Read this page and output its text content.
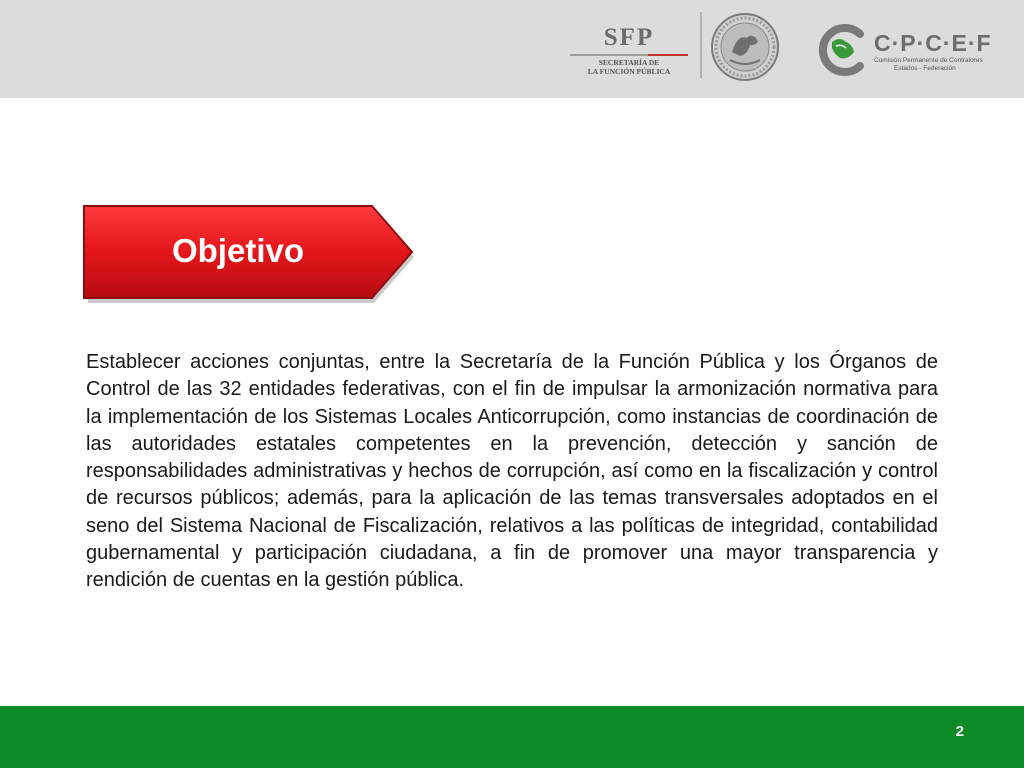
SFP
SECRETARÍA DE
LA FUNCIÓN PÚBLICA
C·P·C·E·F
Comisión Permanente de Contralores
Estados - Federación
Objetivo

Establecer acciones conjuntas, entre la Secretaría de la Función Pública y los Órganos de Control de las 32 entidades federativas, con el fin de impulsar la armonización normativa para la implementación de los Sistemas Locales Anticorrupción, como instancias de coordinación de las autoridades estatales competentes en la prevención, detección y sanción de responsabilidades administrativas y hechos de corrupción, así como en la fiscalización y control de recursos públicos; además, para la aplicación de las temas transversales adoptados en el seno del Sistema Nacional de Fiscalización, relativos a las políticas de integridad, contabilidad gubernamental y participación ciudadana, a fin de promover una mayor transparencia y rendición de cuentas en la gestión pública.

2
